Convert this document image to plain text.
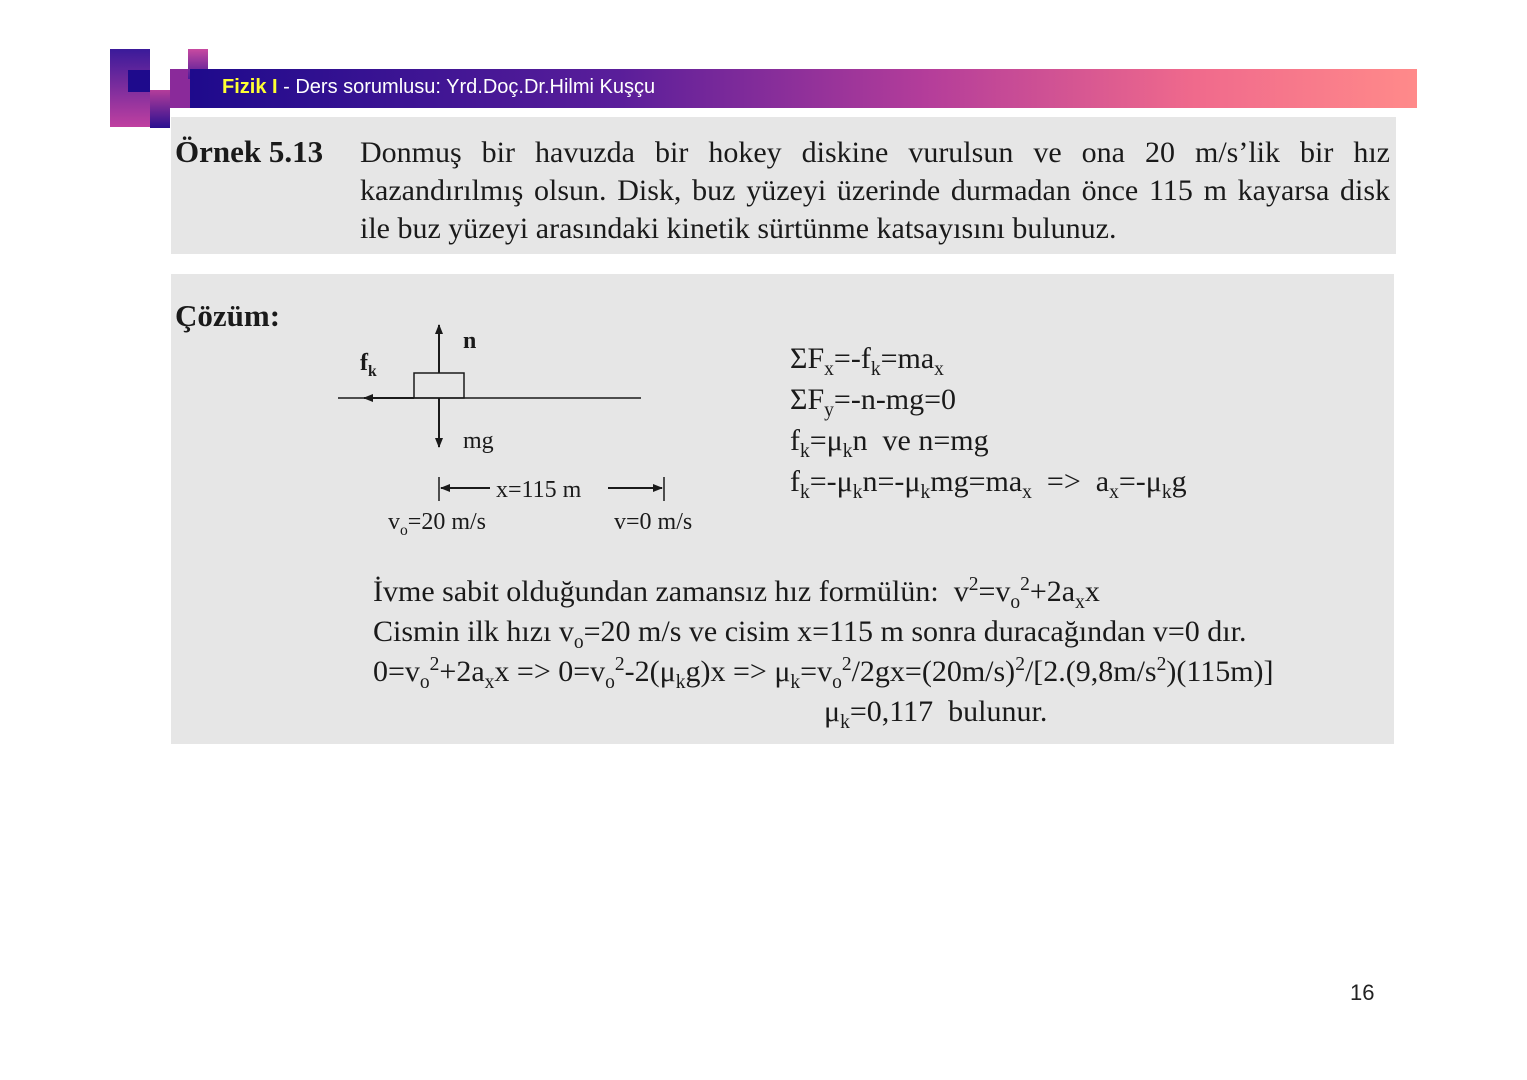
Fizik I - Ders sorumlusu: Yrd.Doç.Dr.Hilmi Kuşçu
Örnek 5.13 Donmuş bir havuzda bir hokey diskine vurulsun ve ona 20 m/s’lik bir hız kazandırılmış olsun. Disk, buz yüzeyi üzerinde durmadan önce 115 m kayarsa disk ile buz yüzeyi arasındaki kinetik sürtünme katsayısını bulunuz.
Çözüm:
n
$f_k$
mg
x=115 m
$v_o=20$ m/s	v=0 m/s
$\Sigma F_x=-f_k=ma_x$
$\Sigma F_y=-n-mg=0$
$f_k=\mu_kn$  ve n=mg
$f_k=-\mu_kn=-\mu_kmg=ma_x => a_x=-\mu_kg$
İvme sabit olduğundan zamansız hız formülün:  $v^2=v_o^2+2a_xx$
Cismin ilk hızı $v_o=20$ m/s ve cisim x=115 m sonra duracağından v=0 dır.
$0=v_o^2+2a_xx => 0=v_o^2-2(\mu_kg)x => \mu_k=v_o^2/2gx=(20m/s)^2/[2.(9,8m/s^2)(115m)]$
$\mu_k=0,117$  bulunur.
16
